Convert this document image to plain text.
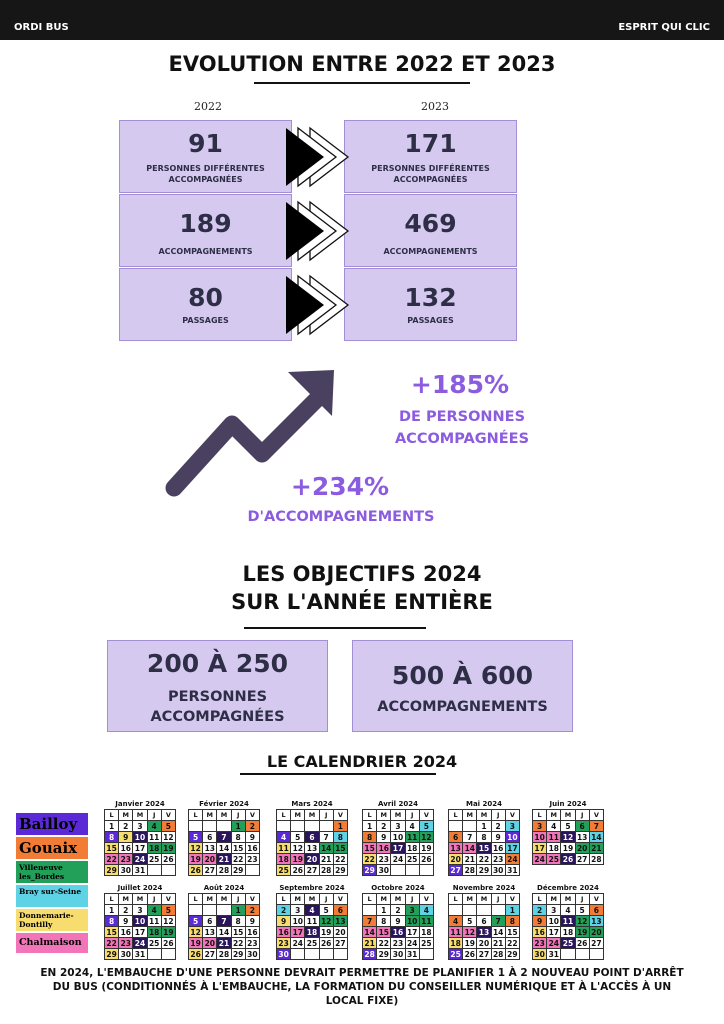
ORDI BUS	ESPRIT QUI CLIC
EVOLUTION ENTRE 2022 ET 2023
2022	2023
91
PERSONNES DIFFÉRENTES
ACCOMPAGNÉES
171
PERSONNES DIFFÉRENTES
ACCOMPAGNÉES
189
ACCOMPAGNEMENTS
469
ACCOMPAGNEMENTS
80
PASSAGES
132
PASSAGES
+185%
DE PERSONNES
ACCOMPAGNÉES
+234%
D'ACCOMPAGNEMENTS
LES OBJECTIFS 2024
SUR L'ANNÉE ENTIÈRE
200 À 250
PERSONNES
ACCOMPAGNÉES
500 À 600
ACCOMPAGNEMENTS
LE CALENDRIER 2024
Bailloy
Gouaix
Villeneuve les_Bordes
Bray sur-Seine
Donnemarie-Dontilly
Chalmaison
Janvier 2024
L	M	M	J	V
1	2	3	4	5
8	9	10	11	12
15	16	17	18	19
22	23	24	25	26
29	30	31		
Février 2024
L	M	M	J	V
			1	2
5	6	7	8	9
12	13	14	15	16
19	20	21	22	23
26	27	28	29	
Mars 2024
L	M	M	J	V
				1
4	5	6	7	8
11	12	13	14	15
18	19	20	21	22
25	26	27	28	29
Avril 2024
L	M	M	J	V
1	2	3	4	5
8	9	10	11	12
15	16	17	18	19
22	23	24	25	26
29	30			
Mai 2024
L	M	M	J	V
		1	2	3
6	7	8	9	10
13	14	15	16	17
20	21	22	23	24
27	28	29	30	31
Juin 2024
L	M	M	J	V
3	4	5	6	7
10	11	12	13	14
17	18	19	20	21
24	25	26	27	28
Juillet 2024
L	M	M	J	V
1	2	3	4	5
8	9	10	11	12
15	16	17	18	19
22	23	24	25	26
29	30	31		
Août 2024
L	M	M	J	V
			1	2
5	6	7	8	9
12	13	14	15	16
19	20	21	22	23
26	27	28	29	30
Septembre 2024
L	M	M	J	V
2	3	4	5	6
9	10	11	12	13
16	17	18	19	20
23	24	25	26	27
30				
Octobre 2024
L	M	M	J	V
	1	2	3	4
7	8	9	10	11
14	15	16	17	18
21	22	23	24	25
28	29	30	31	
Novembre 2024
L	M	M	J	V
				1
4	5	6	7	8
11	12	13	14	15
18	19	20	21	22
25	26	27	28	29
Décembre 2024
L	M	M	J	V
2	3	4	5	6
9	10	11	12	13
16	17	18	19	20
23	24	25	26	27
30	31			
EN 2024, L'EMBAUCHE D'UNE PERSONNE DEVRAIT PERMETTRE DE PLANIFIER 1 À 2 NOUVEAU POINT D'ARRÊT DU BUS (CONDITIONNÉS À L'EMBAUCHE, LA FORMATION DU CONSEILLER NUMÉRIQUE ET À L'ACCÈS À UN LOCAL FIXE)
